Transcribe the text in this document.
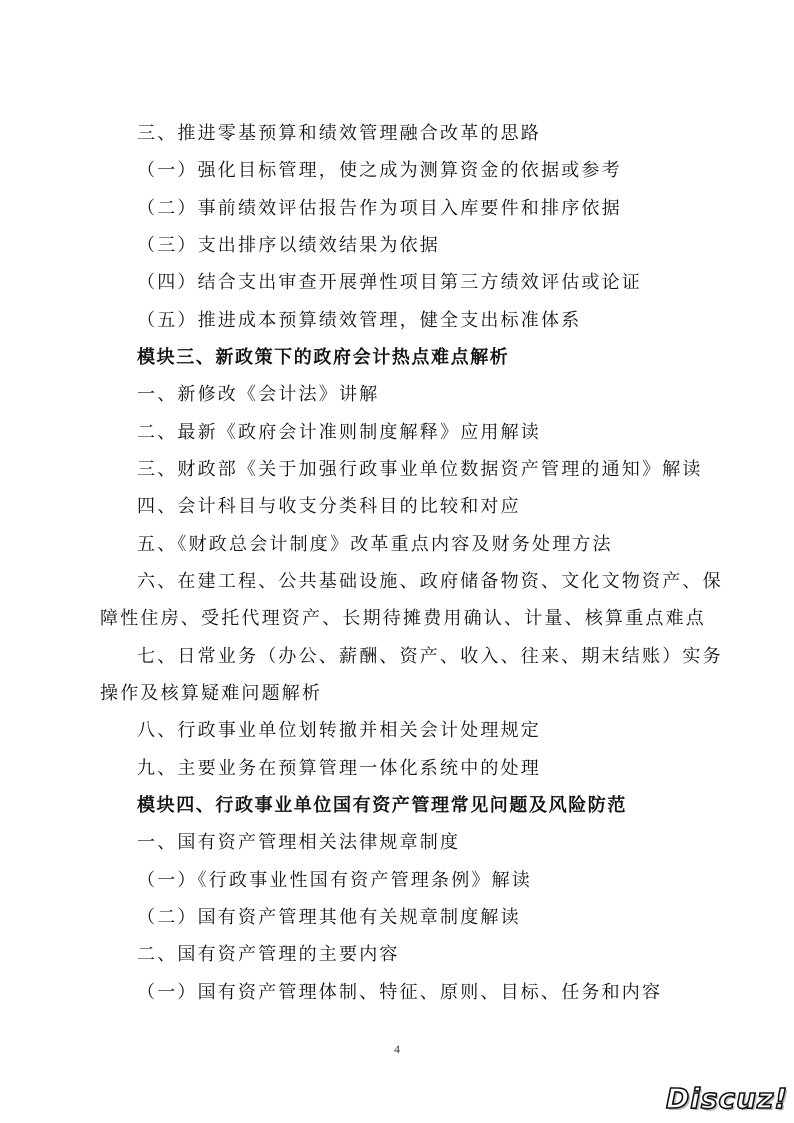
三、推进零基预算和绩效管理融合改革的思路
（一）强化目标管理，使之成为测算资金的依据或参考
（二）事前绩效评估报告作为项目入库要件和排序依据
（三）支出排序以绩效结果为依据
（四）结合支出审查开展弹性项目第三方绩效评估或论证
（五）推进成本预算绩效管理，健全支出标准体系
模块三、新政策下的政府会计热点难点解析
一、新修改《会计法》讲解
二、最新《政府会计准则制度解释》应用解读
三、财政部《关于加强行政事业单位数据资产管理的通知》解读
四、会计科目与收支分类科目的比较和对应
五、《财政总会计制度》改革重点内容及财务处理方法
六、在建工程、公共基础设施、政府储备物资、文化文物资产、保
障性住房、受托代理资产、长期待摊费用确认、计量、核算重点难点
七、日常业务（办公、薪酬、资产、收入、往来、期末结账）实务
操作及核算疑难问题解析
八、行政事业单位划转撤并相关会计处理规定
九、主要业务在预算管理一体化系统中的处理
模块四、行政事业单位国有资产管理常见问题及风险防范
一、国有资产管理相关法律规章制度
（一）《行政事业性国有资产管理条例》解读
（二）国有资产管理其他有关规章制度解读
二、国有资产管理的主要内容
（一）国有资产管理体制、特征、原则、目标、任务和内容
4
Discuz!
